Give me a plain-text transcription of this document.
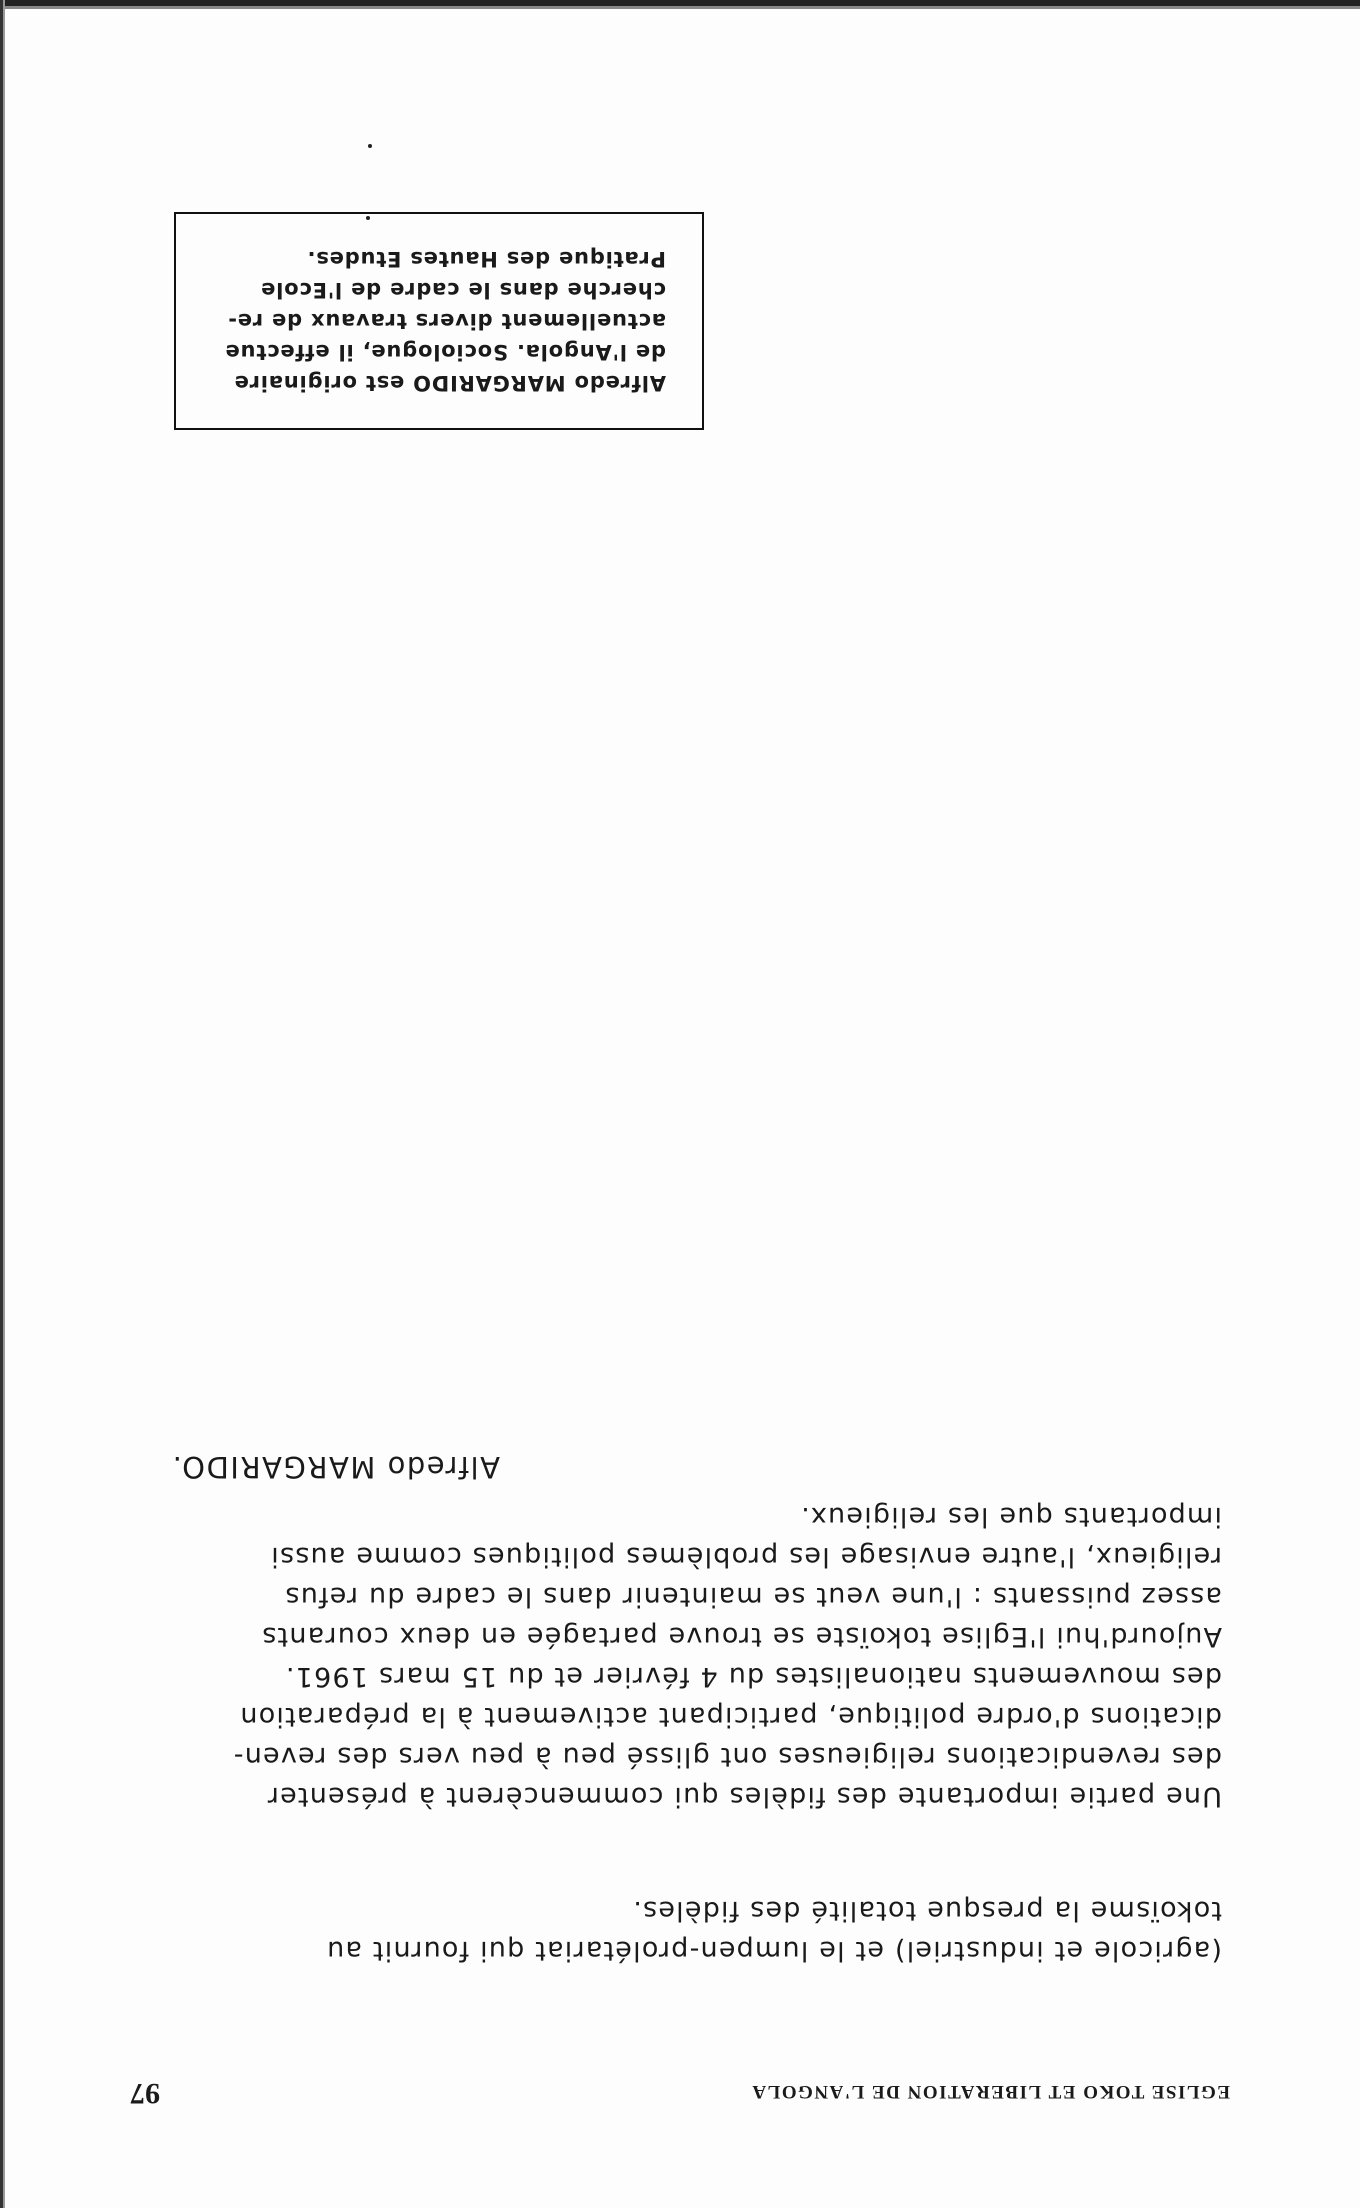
EGLISE TOKO ET LIBERATION DE L'ANGOLA
97

(agricole et industriel) et le lumpen-prolétariat qui fournit au
tokoïsme la presque totalité des fidèles.

Une partie importante des fidèles qui commencèrent à présenter
des revendications religieuses ont glissé peu à peu vers des reven-
dications d'ordre politique, participant activement à la préparation
des mouvements nationalistes du 4 février et du 15 mars 1961.
Aujourd'hui l'Eglise tokoïste se trouve partagée en deux courants
assez puissants : l'une veut se maintenir dans le cadre du refus
religieux, l'autre envisage les problèmes politiques comme aussi
importants que les religieux.

Alfredo MARGARIDO.
Alfredo MARGARIDO est originaire
de l'Angola. Sociologue, il effectue
actuellement divers travaux de re-
cherche dans le cadre de l'Ecole
Pratique des Hautes Etudes.
